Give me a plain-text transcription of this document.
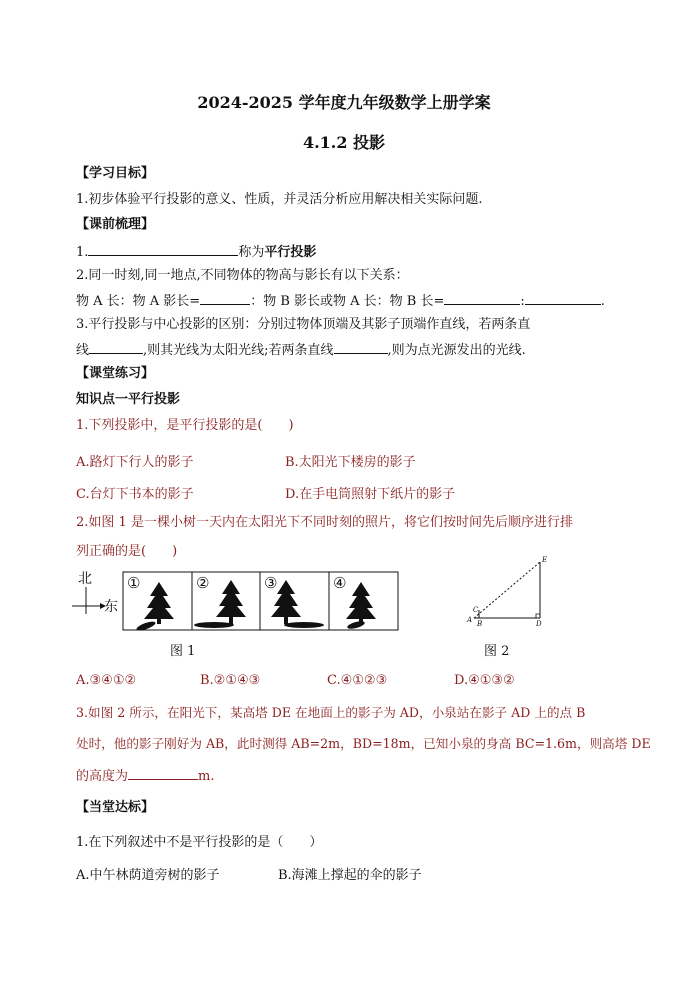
2024-2025 学年度九年级数学上册学案
4.1.2 投影
【学习目标】
1.初步体验平行投影的意义、性质，并灵活分析应用解决相关实际问题.
【课前梳理】
1.	称为平行投影
2.同一时刻,同一地点,不同物体的物高与影长有以下关系：
物 A 长：物 A 影长=	：物 B 影长或物 A 长：物 B 长=	:	.
3.平行投影与中心投影的区别：分别过物体顶端及其影子顶端作直线，若两条直
线	,则其光线为太阳光线;若两条直线	,则为点光源发出的光线.
【课堂练习】
知识点一平行投影
1.下列投影中，是平行投影的是(　　)
A.路灯下行人的影子	B.太阳光下楼房的影子
C.台灯下书本的影子	D.在手电筒照射下纸片的影子
2.如图 1 是一棵小树一天内在太阳光下不同时刻的照片，将它们按时间先后顺序进行排
列正确的是(　　)
北
东
①	②	③	④
图 1
E
C
A B	D
图 2
A.③④①②	B.②①④③	C.④①②③	D.④①③②
3.如图 2 所示，在阳光下，某高塔 DE 在地面上的影子为 AD，小泉站在影子 AD 上的点 B
处时，他的影子刚好为 AB，此时测得 AB=2m，BD=18m，已知小泉的身高 BC=1.6m，则高塔 DE
的高度为	m.
【当堂达标】
1.在下列叙述中不是平行投影的是（　　）
A.中午林荫道旁树的影子	B.海滩上撑起的伞的影子
